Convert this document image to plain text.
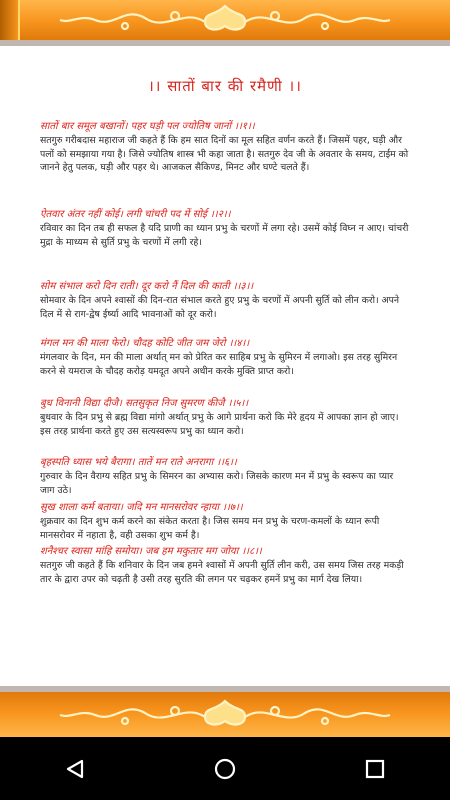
।। सातों बार की रमैणी ।।
सातों बार समूल बखानों। पहर घड़ी पल ज्योतिष जानों ।।१।।
सतगुरु गरीबदास महाराज जी कहते हैं कि हम सात दिनों का मूल सहित वर्णन करते हैं। जिसमें पहर, घड़ी और पलों को समझाया गया है। जिसे ज्योतिष शास्त्र भी कहा जाता है। सतगुरु देव जी के अवतार के समय, टाईम को जानने हेतु पलक, घड़ी और पहर थे। आजकल सैकिण्ड, मिनट और घण्टे चलते हैं।
ऐतवार अंतर नहीं कोई। लगी चांचरी पद में सोई ।।२।।
रविवार का दिन तब ही सफल है यदि प्राणी का ध्यान प्रभु के चरणों में लगा रहे। उसमें कोई विघ्न न आए। चांचरी मुद्रा के माध्यम से सुर्ति प्रभु के चरणों में लगी रहे।
सोम संभाल करो दिन राती। दूर करो नैं दिल की काती ।।३।।
सोमवार के दिन अपने श्वासों की दिन-रात संभाल करते हुए प्रभु के चरणों में अपनी सुर्ति को लीन करो। अपने दिल में से राग-द्वेष ईर्ष्या आदि भावनाओं को दूर करो।
मंगल मन की माला फेरो। चौदह कोटि जीत जम जेरो ।।४।।
मंगलवार के दिन, मन की माला अर्थात् मन को प्रेरित कर साहिब प्रभु के सुमिरन में लगाओ। इस तरह सुमिरन करने से यमराज के चौदह करोड़ यमदूत अपने अधीन करके मुक्ति प्राप्त करो।
बुध विनानी विद्या दीजै। सतसुकृत निज सुमरण कीजै ।।५।।
बुधवार के दिन प्रभु से ब्रह्म विद्या मांगो अर्थात् प्रभु के आगे प्रार्थना करो कि मेरे हृदय में आपका ज्ञान हो जाए। इस तरह प्रार्थना करते हुए उस सत्यस्वरूप प्रभु का ध्यान करो।
बृहस्पति ध्यास भये बैरागा। तातें मन राते अनरागा ।।६।।
गुरुवार के दिन वैराग्य सहित प्रभु के सिमरन का अभ्यास करो। जिसके कारण मन में प्रभु के स्वरूप का प्यार जाग उठे।
सुख शाला कर्म बताया। जदि मन मानसरोवर न्हाया ।।७।।
शुक्रवार का दिन शुभ कर्म करने का संकेत करता है। जिस समय मन प्रभु के चरण-कमलों के ध्यान रूपी मानसरोवर में नहाता है, वही उसका शुभ कर्म है।
शनैश्चर स्वासा मांहि समोया। जब हम मकुतार मग जोया ।।८।।
सतगुरु जी कहते हैं कि शनिवार के दिन जब हमने श्वासों में अपनी सुर्ति लीन करी, उस समय जिस तरह मकड़ी तार के द्वारा उपर को चढ़ती है उसी तरह सुरति की लगन पर चढ़कर हमनें प्रभु का मार्ग देख लिया।
